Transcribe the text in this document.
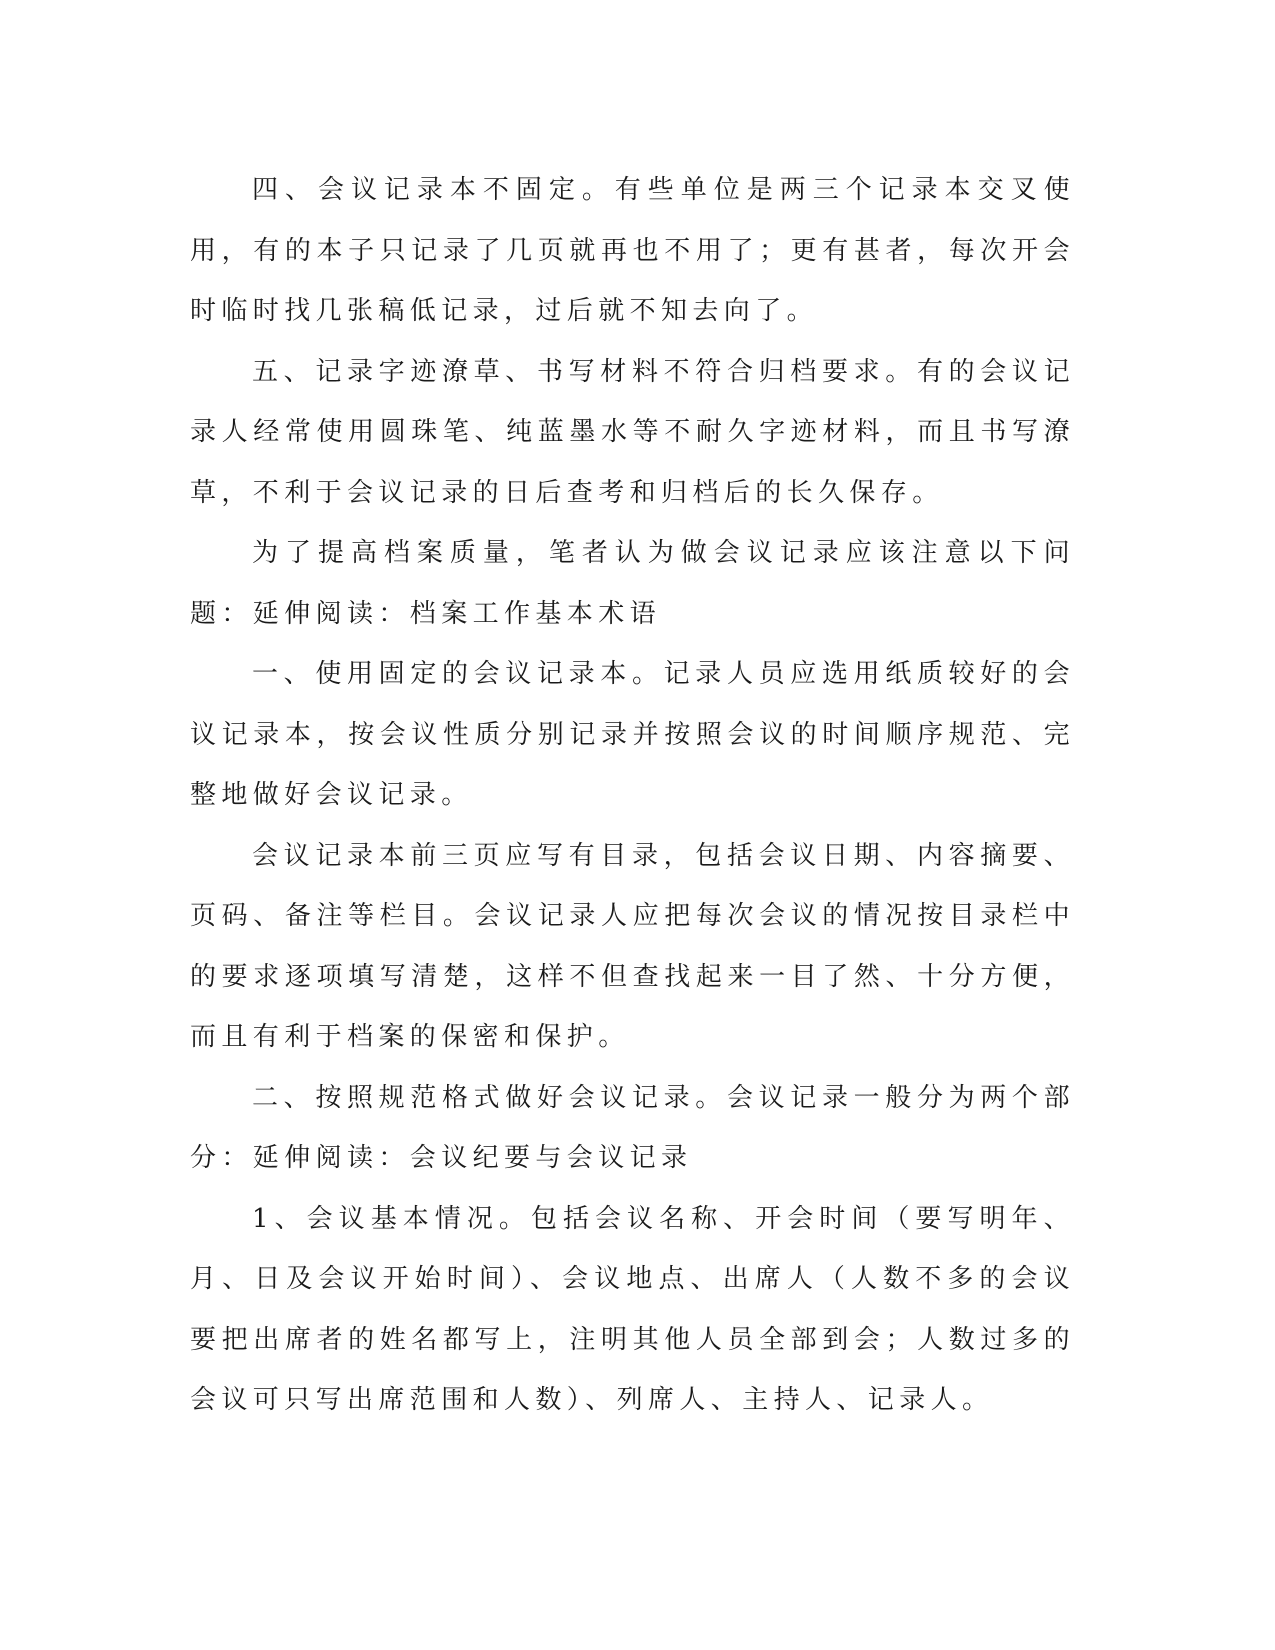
四、会议记录本不固定。有些单位是两三个记录本交叉使用，有的本子只记录了几页就再也不用了；更有甚者，每次开会时临时找几张稿低记录，过后就不知去向了。

五、记录字迹潦草、书写材料不符合归档要求。有的会议记录人经常使用圆珠笔、纯蓝墨水等不耐久字迹材料，而且书写潦草，不利于会议记录的日后查考和归档后的长久保存。

为了提高档案质量，笔者认为做会议记录应该注意以下问题：延伸阅读：档案工作基本术语

一、使用固定的会议记录本。记录人员应选用纸质较好的会议记录本，按会议性质分别记录并按照会议的时间顺序规范、完整地做好会议记录。

会议记录本前三页应写有目录，包括会议日期、内容摘要、页码、备注等栏目。会议记录人应把每次会议的情况按目录栏中的要求逐项填写清楚，这样不但查找起来一目了然、十分方便，而且有利于档案的保密和保护。

二、按照规范格式做好会议记录。会议记录一般分为两个部分：延伸阅读：会议纪要与会议记录

1、会议基本情况。包括会议名称、开会时间（要写明年、月、日及会议开始时间）、会议地点、出席人（人数不多的会议要把出席者的姓名都写上，注明其他人员全部到会；人数过多的会议可只写出席范围和人数）、列席人、主持人、记录人。
